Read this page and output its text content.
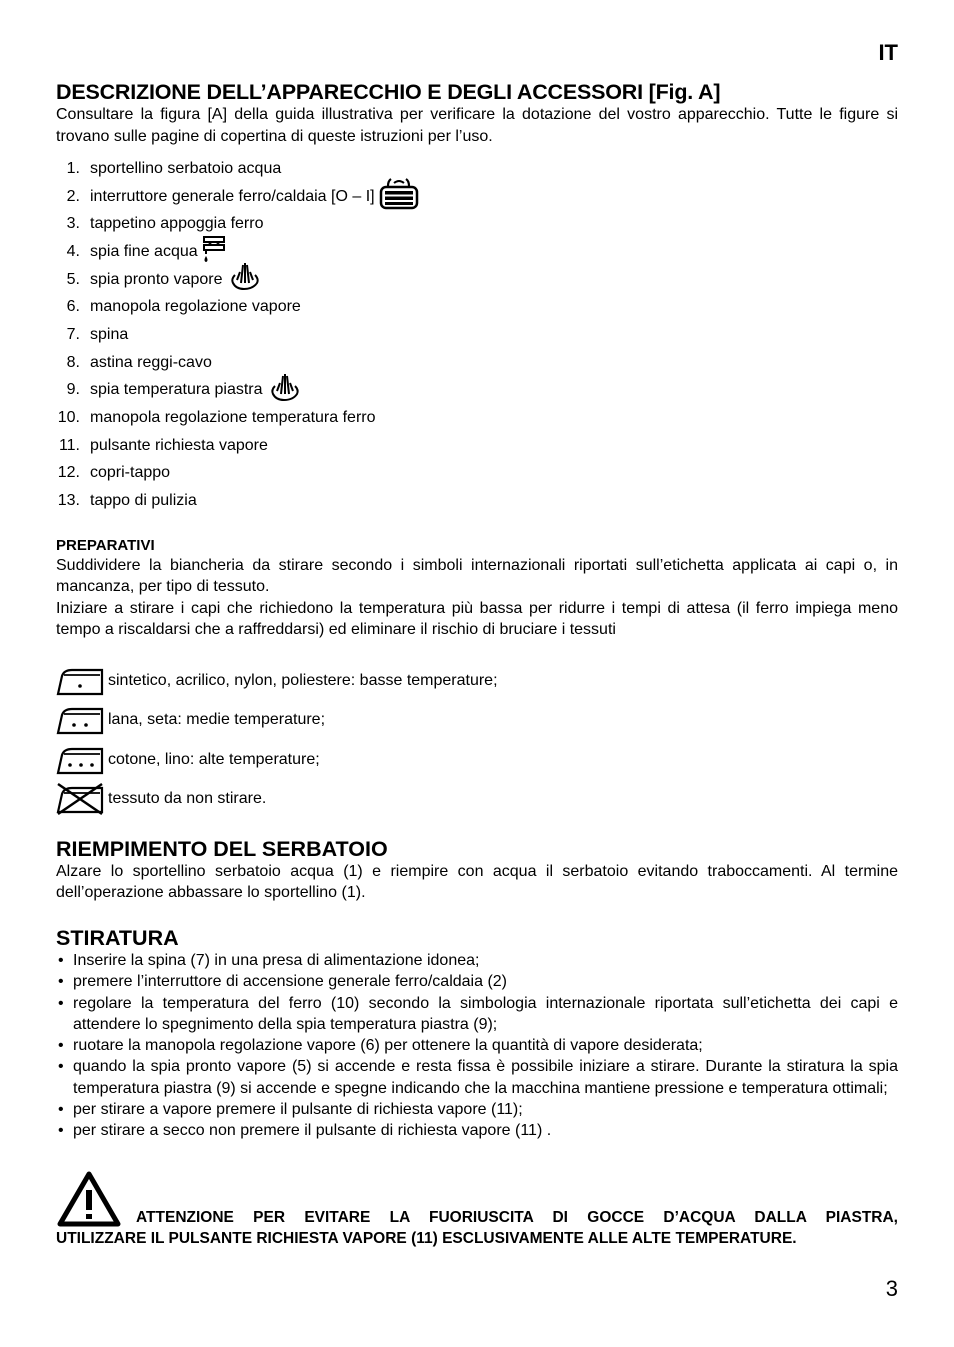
IT
DESCRIZIONE DELL’APPARECCHIO E DEGLI ACCESSORI [Fig. A]

Consultare la figura [A] della guida illustrativa per verificare la dotazione del vostro apparecchio. Tutte le figure si trovano sulle pagine di copertina di queste istruzioni per l’uso.

1. sportellino serbatoio acqua
2. interruttore generale ferro/caldaia [O – I]
3. tappetino appoggia ferro
4. spia fine acqua
5. spia pronto vapore
6. manopola regolazione vapore
7. spina
8. astina reggi-cavo
9. spia temperatura piastra
10. manopola regolazione temperatura ferro
11. pulsante richiesta vapore
12. copri-tappo
13. tappo di pulizia
PREPARATIVI

Suddividere la biancheria da stirare secondo i simboli internazionali riportati sull’etichetta applicata ai capi o, in mancanza, per tipo di tessuto.

Iniziare a stirare i capi che richiedono la temperatura più bassa per ridurre i tempi di attesa (il ferro impiega meno tempo a riscaldarsi che a raffreddarsi) ed eliminare il rischio di bruciare i tessuti

sintetico, acrilico, nylon, poliestere: basse temperature;
lana, seta: medie temperature;
cotone, lino: alte temperature;
tessuto da non stirare.
RIEMPIMENTO DEL SERBATOIO

Alzare lo sportellino serbatoio acqua (1) e riempire con acqua il serbatoio evitando traboccamenti. Al termine dell’operazione abbassare lo sportellino (1).

STIRATURA
• Inserire la spina (7) in una presa di alimentazione idonea;
• premere l’interruttore di accensione generale ferro/caldaia (2)
• regolare la temperatura del ferro (10) secondo la simbologia internazionale riportata sull’etichetta dei capi e attendere lo spegnimento della spia temperatura piastra (9);
• ruotare la manopola regolazione vapore (6) per ottenere la quantità di vapore desiderata;
• quando la spia pronto vapore (5) si accende e resta fissa è possibile iniziare a stirare. Durante la stiratura la spia temperatura piastra (9) si accende e spegne indicando che la macchina mantiene pressione e temperatura ottimali;
• per stirare a vapore premere il pulsante di richiesta vapore (11);
• per stirare a secco non premere il pulsante di richiesta vapore (11) .

ATTENZIONE PER EVITARE LA FUORIUSCITA DI GOCCE D’ACQUA DALLA PIASTRA,

UTILIZZARE IL PULSANTE RICHIESTA VAPORE (11) ESCLUSIVAMENTE ALLE ALTE TEMPERATURE.

3
